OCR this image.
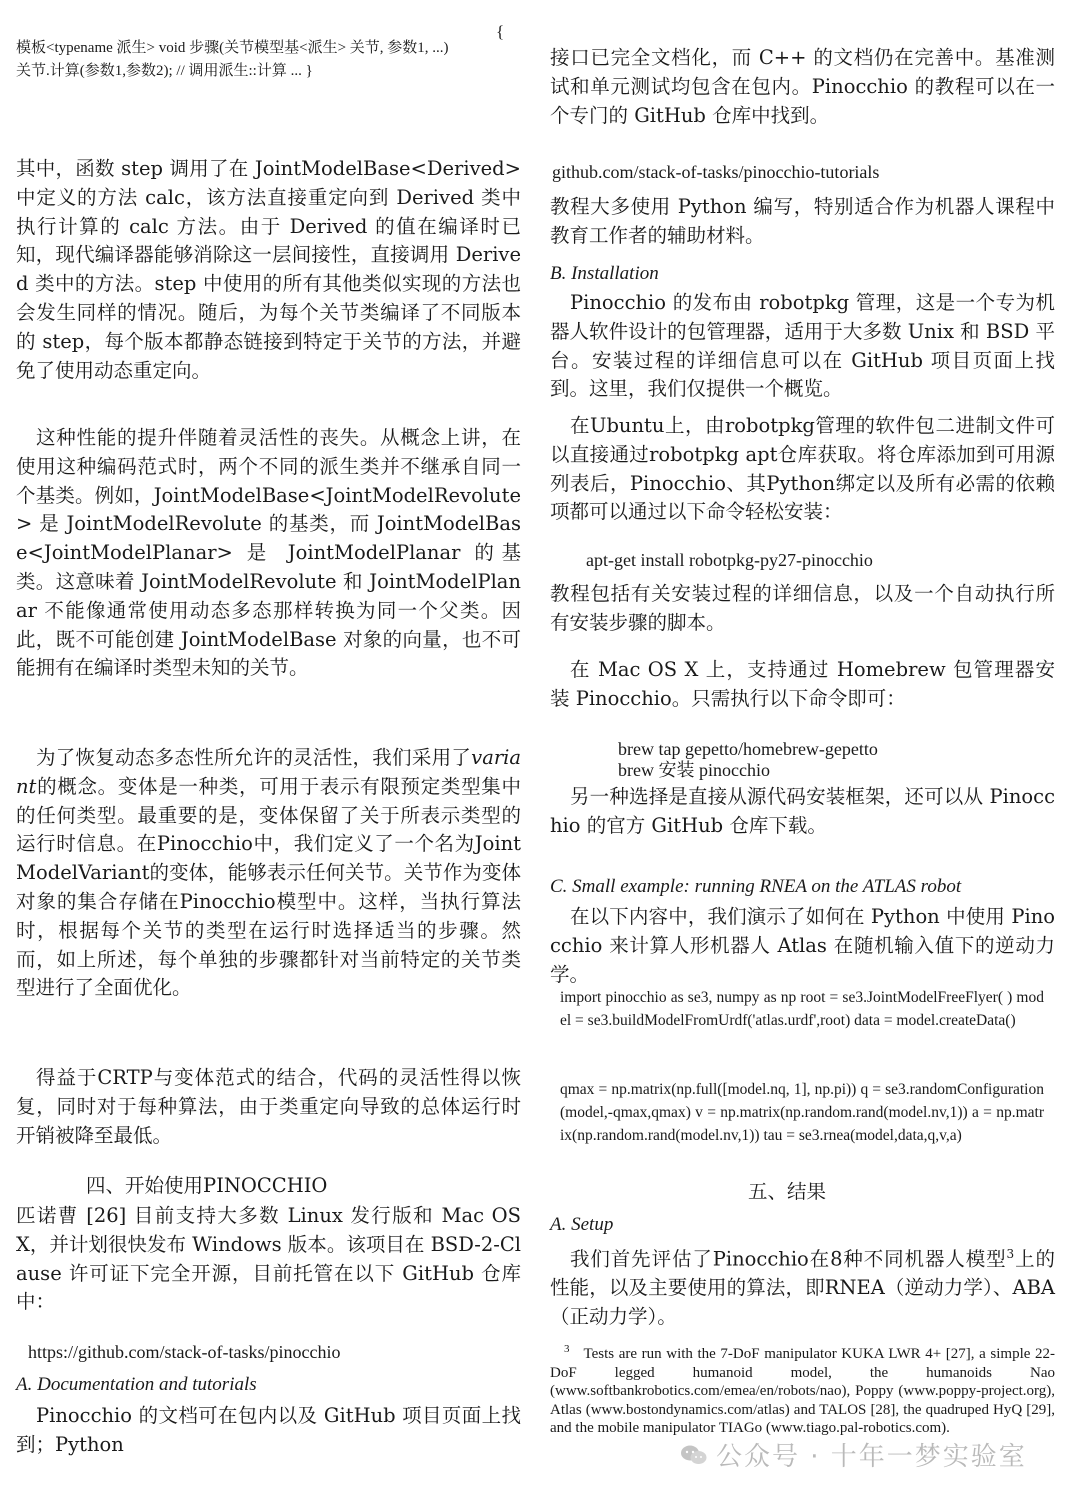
模板<typename 派生> void 步骤(关节模型基<派生> 关节, 参数1, ...)

{

关节.计算(参数1,参数2); // 调用派生::计算 ... }

其中，函数 step 调用了在 JointModelBase<Derived> 中定义的方法 calc，该方法直接重定向到 Derived 类中执行计算的 calc 方法。由于 Derived 的值在编译时已知，现代编译器能够消除这一层间接性，直接调用 Derived 类中的方法。step 中使用的所有其他类似实现的方法也会发生同样的情况。随后，为每个关节类编译了不同版本的 step，每个版本都静态链接到特定于关节的方法，并避免了使用动态重定向。

这种性能的提升伴随着灵活性的丧失。从概念上讲，在使用这种编码范式时，两个不同的派生类并不继承自同一个基类。例如，JointModelBase<JointModelRevolute> 是 JointModelRevolute 的基类，而 JointModelBase<JointModelPlanar> 是 JointModelPlanar 的基类。这意味着 JointModelRevolute 和 JointModelPlanar 不能像通常使用动态多态那样转换为同一个父类。因此，既不可能创建 JointModelBase 对象的向量，也不可能拥有在编译时类型未知的关节。

为了恢复动态多态性所允许的灵活性，我们采用了variant的概念。变体是一种类，可用于表示有限预定类型集中的任何类型。最重要的是，变体保留了关于所表示类型的运行时信息。在Pinocchio中，我们定义了一个名为JointModelVariant的变体，能够表示任何关节。关节作为变体对象的集合存储在Pinocchio模型中。这样，当执行算法时，根据每个关节的类型在运行时选择适当的步骤。然而，如上所述，每个单独的步骤都针对当前特定的关节类型进行了全面优化。

得益于CRTP与变体范式的结合，代码的灵活性得以恢复，同时对于每种算法，由于类重定向导致的总体运行时开销被降至最低。

四、开始使用PINOCCHIO

匹诺曹 [26] 目前支持大多数 Linux 发行版和 Mac OS X，并计划很快发布 Windows 版本。该项目在 BSD-2-Clause 许可证下完全开源，目前托管在以下 GitHub 仓库中：

https://github.com/stack-of-tasks/pinocchio

A. Documentation and tutorials

Pinocchio 的文档可在包内以及 GitHub 项目页面上找到；Python

接口已完全文档化，而 C++ 的文档仍在完善中。基准测试和单元测试均包含在包内。Pinocchio 的教程可以在一个专门的 GitHub 仓库中找到。

github.com/stack-of-tasks/pinocchio-tutorials

教程大多使用 Python 编写，特别适合作为机器人课程中教育工作者的辅助材料。

B. Installation

Pinocchio 的发布由 robotpkg 管理，这是一个专为机器人软件设计的包管理器，适用于大多数 Unix 和 BSD 平台。安装过程的详细信息可以在 GitHub 项目页面上找到。这里，我们仅提供一个概览。

在Ubuntu上，由robotpkg管理的软件包二进制文件可以直接通过robotpkg apt仓库获取。将仓库添加到可用源列表后，Pinocchio、其Python绑定以及所有必需的依赖项都可以通过以下命令轻松安装：

apt-get install robotpkg-py27-pinocchio

教程包括有关安装过程的详细信息，以及一个自动执行所有安装步骤的脚本。

在 Mac OS X 上，支持通过 Homebrew 包管理器安装 Pinocchio。只需执行以下命令即可：

brew tap gepetto/homebrew-gepetto

brew 安装 pinocchio

另一种选择是直接从源代码安装框架，还可以从 Pinocchio 的官方 GitHub 仓库下载。

C. Small example: running RNEA on the ATLAS robot

在以下内容中，我们演示了如何在 Python 中使用 Pinocchio 来计算人形机器人 Atlas 在随机输入值下的逆动力学。

import pinocchio as se3, numpy as np root = se3.JointModelFreeFlyer( ) model = se3.buildModelFromUrdf('atlas.urdf',root) data = model.createData()

qmax = np.matrix(np.full([model.nq, 1], np.pi)) q = se3.randomConfiguration(model,-qmax,qmax) v = np.matrix(np.random.rand(model.nv,1)) a = np.matrix(np.random.rand(model.nv,1)) tau = se3.rnea(model,data,q,v,a)

五、结果

A. Setup

我们首先评估了Pinocchio在8种不同机器人模型$^3$上的性能，以及主要使用的算法，即RNEA（逆动力学）、ABA（正动力学）。

$^3$ Tests are run with the 7-DoF manipulator KUKA LWR 4+ [27], a simple 22-DoF legged humanoid model, the humanoids Nao (www.softbankrobotics.com/emea/en/robots/nao), Poppy (www.poppy-project.org), Atlas (www.bostondynamics.com/atlas) and TALOS [28], the quadruped HyQ [29], and the mobile manipulator TIAGo (www.tiago.pal-robotics.com).

公众号 · 十年一梦实验室
